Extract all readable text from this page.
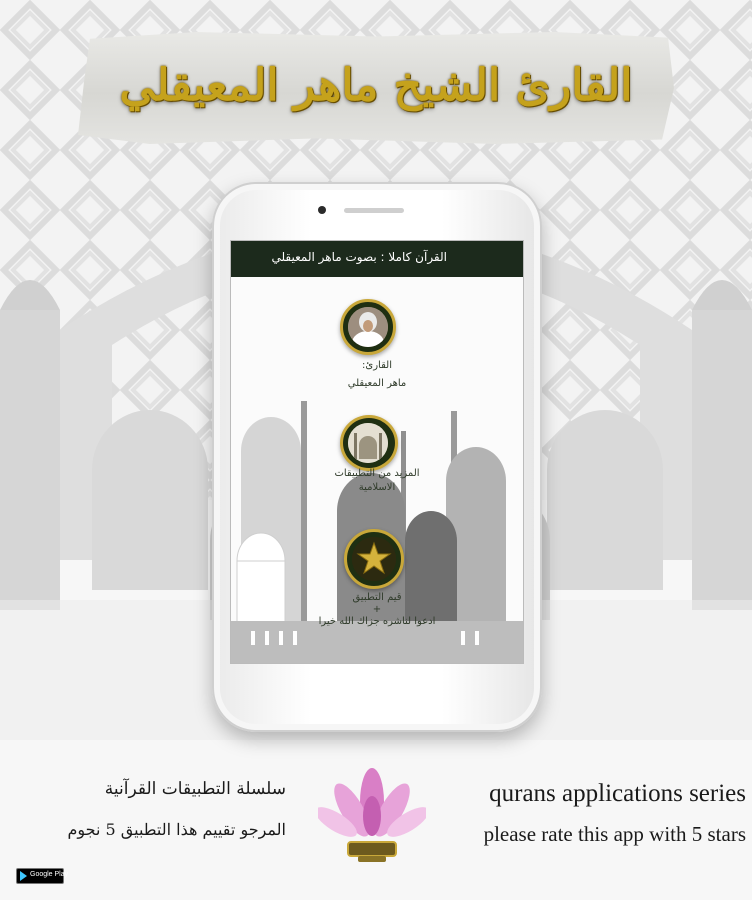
القارئ الشيخ ماهر المعيقلي
القرآن كاملا : بصوت ماهر المعيقلي
القارئ:
ماهر المعيقلي
المزيد من التطبيقات
الاسلامية
قيم التطبيق
+
ادعوا لناشره جزاك الله خيرا
سلسلة التطبيقات القرآنية
المرجو تقييم هذا التطبيق 5 نجوم
qurans applications series
please rate this app with 5 stars
Google Play
